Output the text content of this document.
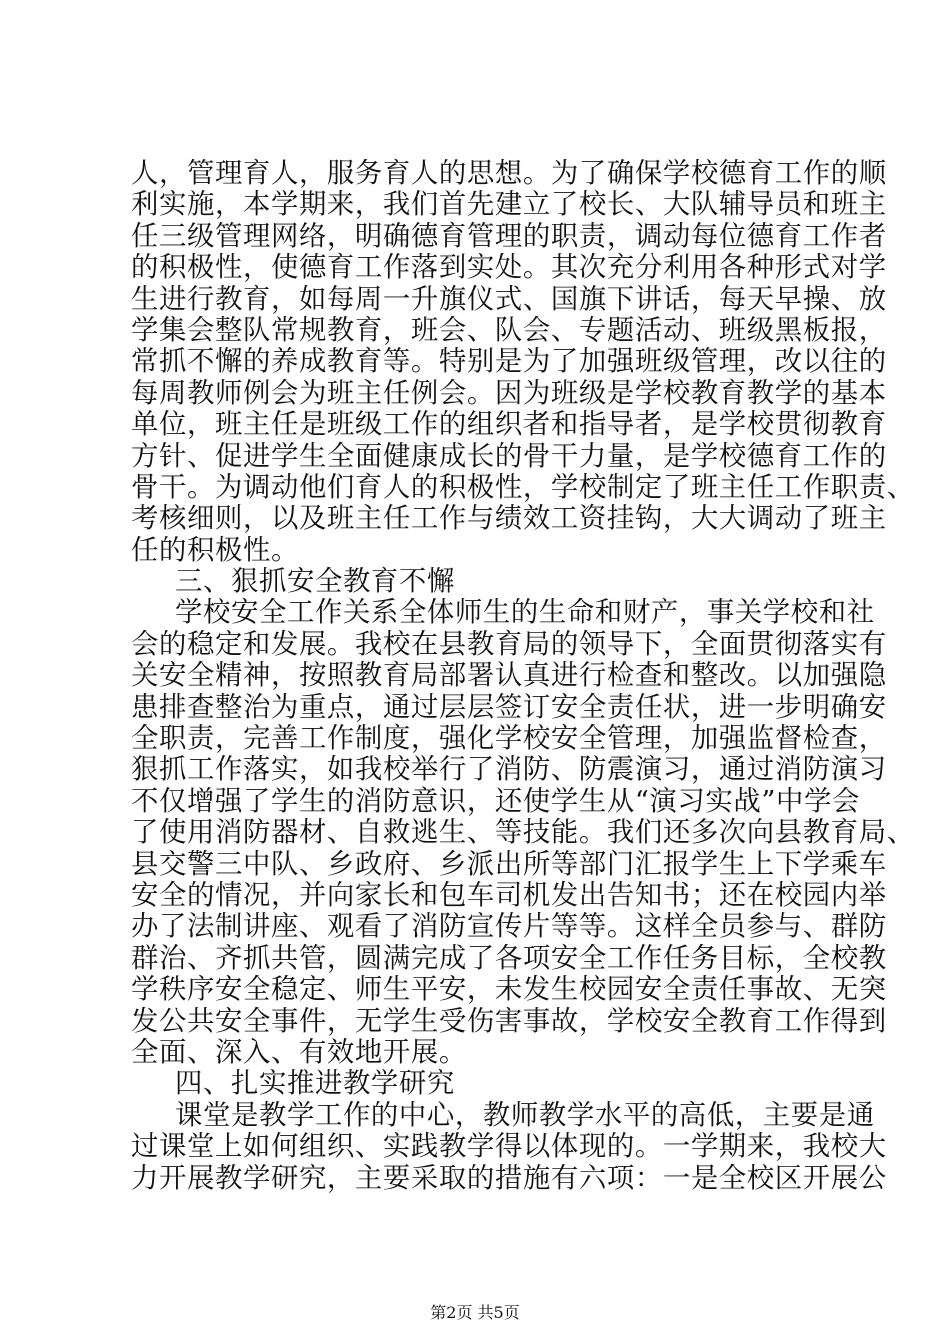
人，管理育人，服务育人的思想。为了确保学校德育工作的顺
利实施，本学期来，我们首先建立了校长、大队辅导员和班主
任三级管理网络，明确德育管理的职责，调动每位德育工作者
的积极性，使德育工作落到实处。其次充分利用各种形式对学
生进行教育，如每周一升旗仪式、国旗下讲话，每天早操、放
学集会整队常规教育，班会、队会、专题活动、班级黑板报，
常抓不懈的养成教育等。特别是为了加强班级管理，改以往的
每周教师例会为班主任例会。因为班级是学校教育教学的基本
单位，班主任是班级工作的组织者和指导者，是学校贯彻教育
方针、促进学生全面健康成长的骨干力量，是学校德育工作的
骨干。为调动他们育人的积极性，学校制定了班主任工作职责、
考核细则，以及班主任工作与绩效工资挂钩，大大调动了班主
任的积极性。
三、狠抓安全教育不懈
学校安全工作关系全体师生的生命和财产，事关学校和社
会的稳定和发展。我校在县教育局的领导下，全面贯彻落实有
关安全精神，按照教育局部署认真进行检查和整改。以加强隐
患排查整治为重点，通过层层签订安全责任状，进一步明确安
全职责，完善工作制度，强化学校安全管理，加强监督检查，
狠抓工作落实，如我校举行了消防、防震演习，通过消防演习
不仅增强了学生的消防意识，还使学生从“演习实战”中学会
了使用消防器材、自救逃生、等技能。我们还多次向县教育局、
县交警三中队、乡政府、乡派出所等部门汇报学生上下学乘车
安全的情况，并向家长和包车司机发出告知书；还在校园内举
办了法制讲座、观看了消防宣传片等等。这样全员参与、群防
群治、齐抓共管，圆满完成了各项安全工作任务目标，全校教
学秩序安全稳定、师生平安，未发生校园安全责任事故、无突
发公共安全事件，无学生受伤害事故，学校安全教育工作得到
全面、深入、有效地开展。
四、扎实推进教学研究
课堂是教学工作的中心，教师教学水平的高低，主要是通
过课堂上如何组织、实践教学得以体现的。一学期来，我校大
力开展教学研究，主要采取的措施有六项：一是全校区开展公
第2页 共5页
